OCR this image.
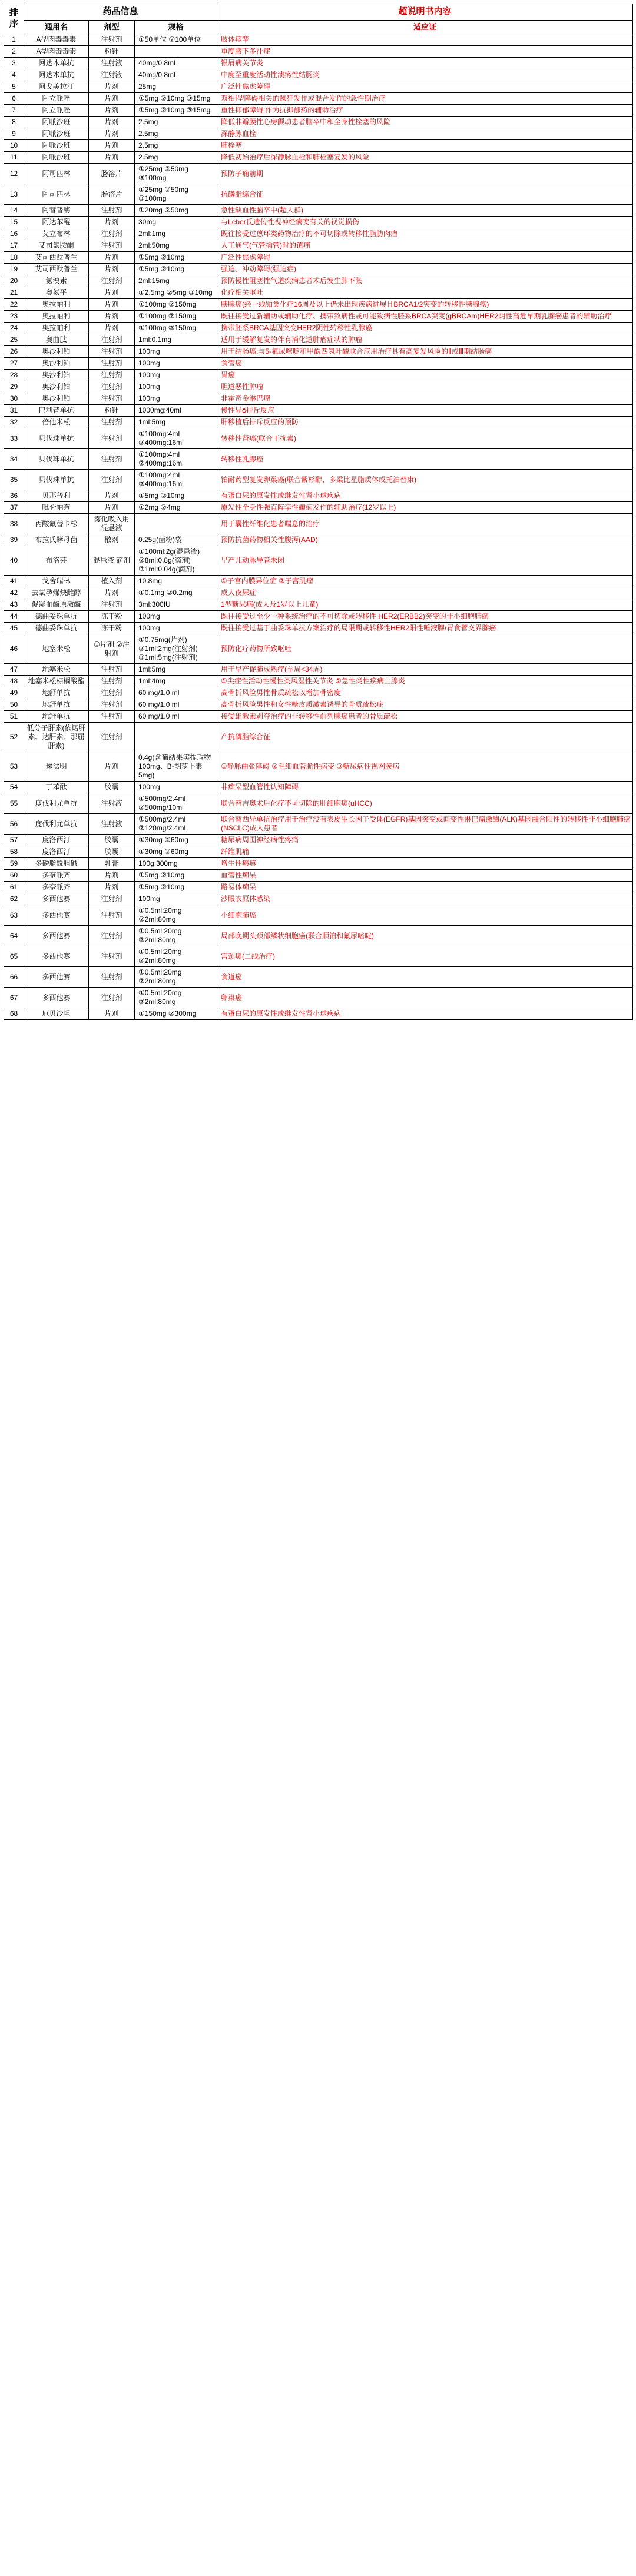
排序	药品信息			超说明书内容
	通用名	剂型	规格	适应证
1	A型肉毒毒素	注射剂	①50单位 ②100单位	肢体痉挛
2	A型肉毒毒素	粉针		重度腋下多汗症
3	阿达木单抗	注射液	40mg/0.8ml	银屑病关节炎
4	阿达木单抗	注射液	40mg/0.8ml	中度至重度活动性溃疡性结肠炎
5	阿戈美拉汀	片剂	25mg	广泛性焦虑障碍
6	阿立哌唑	片剂	①5mg ②10mg ③15mg	双相Ⅰ型障碍相关的躁狂发作或混合发作的急性期治疗
7	阿立哌唑	片剂	①5mg ②10mg ③15mg	重性抑郁障碍:作为抗抑郁药的辅助治疗
8	阿哌沙班	片剂	2.5mg	降低非瓣膜性心房颤动患者脑卒中和全身性栓塞的风险
9	阿哌沙班	片剂	2.5mg	深静脉血栓
10	阿哌沙班	片剂	2.5mg	肺栓塞
11	阿哌沙班	片剂	2.5mg	降低初始治疗后深静脉血栓和肺栓塞复发的风险
12	阿司匹林	肠溶片	①25mg ②50mg ③100mg	预防子痫前期
13	阿司匹林	肠溶片	①25mg ②50mg ③100mg	抗磷脂综合征
14	阿替普酶	注射剂	①20mg ②50mg	急性缺血性脑卒中(超人群)
15	阿达苯醌	片剂	30mg	与Leber氏遗传性视神经病变有关的视觉损伤
16	艾立布林	注射剂	2ml:1mg	既往接受过蒽环类药物治疗的不可切除或转移性脂肪肉瘤
17	艾司氯胺酮	注射剂	2ml:50mg	人工通气(气管插管)时的镇痛
18	艾司西酞普兰	片剂	①5mg ②10mg	广泛性焦虑障碍
19	艾司西酞普兰	片剂	①5mg ②10mg	强迫、冲动障碍(强迫症)
20	氨溴索	注射剂	2ml:15mg	预防慢性阻塞性气道疾病患者术后发生肺不张
21	奥氮平	片剂	①2.5mg ②5mg ③10mg	化疗相关呕吐
22	奥拉帕利	片剂	①100mg ②150mg	胰腺癌(经一线铂类化疗16周及以上仍未出现疾病进展且BRCA1/2突变的转移性胰腺癌)
23	奥拉帕利	片剂	①100mg ②150mg	既往接受过新辅助或辅助化疗、携带致病性或可能致病性胚系BRCA突变(gBRCAm)HER2阴性高危早期乳腺癌患者的辅助治疗
24	奥拉帕利	片剂	①100mg ②150mg	携带胚系BRCA基因突变HER2阴性转移性乳腺癌
25	奥曲肽	注射剂	1ml:0.1mg	适用于缓解复发的伴有消化道肿瘤症状的肿瘤
26	奥沙利铂	注射剂	100mg	用于结肠癌:与5-氟尿嘧啶和甲酰四氢叶酸联合应用治疗具有高复发风险的Ⅱ或Ⅲ期结肠癌
27	奥沙利铂	注射剂	100mg	食管癌
28	奥沙利铂	注射剂	100mg	胃癌
29	奥沙利铂	注射剂	100mg	胆道恶性肿瘤
30	奥沙利铂	注射剂	100mg	非霍奇金淋巴瘤
31	巴利昔单抗	粉针	1000mg:40ml	慢性异ర排斥反应
32	倍他米松	注射剂	1ml:5mg	肝移植后排斥反应的预防
33	贝伐珠单抗	注射剂	①100mg:4ml ②400mg:16ml	转移性肾癌(联合干扰素)
34	贝伐珠单抗	注射剂	①100mg:4ml ②400mg:16ml	转移性乳腺癌
35	贝伐珠单抗	注射剂	①100mg:4ml ②400mg:16ml	铂耐药型复发卵巢癌(联合紫杉醇、多柔比星脂质体或托泊替康)
36	贝那普利	片剂	①5mg ②10mg	有蛋白尿的原发性或继发性肾小球疾病
37	吡仑帕奈	片剂	①2mg ②4mg	原发性全身性强直阵挛性癫痫发作的辅助治疗(12岁以上)
38	丙酸氟替卡松	雾化吸入用混悬液		用于囊性纤维化患者喘息的治疗
39	布拉氏酵母菌	散剂	0.25g(菌粉)袋	预防抗菌药物相关性腹泻(AAD)
40	布洛芬	混悬液 滴剂	①100ml:2g(混悬液) ②8ml:0.8g(滴剂) ③1ml:0.04g(滴剂)	早产儿动脉导管未闭
41	戈舍瑞林	植入剂	10.8mg	①子宫内膜异位症 ②子宫肌瘤
42	去氧孕烯炔雌醇	片剂	①0.1mg ②0.2mg	成人夜尿症
43	促凝血酶原激酶	注射剂	3ml:300IU	1型糖尿病(成人及1岁以上儿童)
44	德曲妥珠单抗	冻干粉	100mg	既往接受过至少一种系统治疗的不可切除或转移性 HER2(ERBB2)突变的非小细胞肺癌
45	德曲妥珠单抗	冻干粉	100mg	既往接受过基于曲妥珠单抗方案治疗的局限期或转移性HER2阳性唾液腺/胃食管交界腺癌
46	地塞米松	①片剂 ②注射剂	①0.75mg(片剂) ②1ml:2mg(注射剂) ③1ml:5mg(注射剂)	预防化疗药物所致呕吐
47	地塞米松	注射剂	1ml:5mg	用于早产促肺成熟疗(孕周<34周)
48	地塞米松棕榈酸酯	注射剂	1ml:4mg	①尖症性活动性慢性类风湿性关节炎 ②急性炎性疾病上腺炎
49	地舒单抗	注射剂	60 mg/1.0 ml	高骨折风险男性骨质疏松以增加骨密度
50	地舒单抗	注射剂	60 mg/1.0 ml	高骨折风险男性和女性糖皮质激素诱导的骨质疏松症
51	地舒单抗	注射剂	60 mg/1.0 ml	接受雄激素剥夺治疗的非转移性前列腺癌患者的骨质疏松
52	低分子肝素(依诺肝素、达肝素、那屈肝素)	注射剂		产抗磷脂综合征
53	递法明	片剂	0.4g(含葡结果实提取物100mg、B-胡萝卜素5mg)	①静脉曲张障碍 ②毛细血管脆性病变 ③糖尿病性视网膜病
54	丁苯酞	胶囊	100mg	非痴呆型血管性认知障碍
55	度伐利尤单抗	注射液	①500mg/2.4ml ②500mg/10ml	联合替吉奥术后化疗不可切除的肝细胞癌(uHCC)
56	度伐利尤单抗	注射液	①500mg/2.4ml ②120mg/2.4ml	联合替西异单抗治疗用于治疗没有表皮生长因子受体(EGFR)基因突变或间变性淋巴瘤激酶(ALK)基因融合阳性的转移性非小细胞肺癌(NSCLC)成人患者
57	度洛西汀	胶囊	①30mg ②60mg	糖尿病周围神经病性疼痛
58	度洛西汀	胶囊	①30mg ②60mg	纤维肌痛
59	多磷脂酰胆碱	乳膏	100g:300mg	增生性瘢痕
60	多奈哌齐	片剂	①5mg ②10mg	血管性痴呆
61	多奈哌齐	片剂	①5mg ②10mg	路易体痴呆
62	多西他赛	注射剂	100mg	沙眼衣原体感染
63	多西他赛	注射剂	①0.5ml:20mg ②2ml:80mg	小细胞肺癌
64	多西他赛	注射剂	①0.5ml:20mg ②2ml:80mg	局部晚期头颈部鳞状细胞癌(联合顺铂和氟尿嘧啶)
65	多西他赛	注射剂	①0.5ml:20mg ②2ml:80mg	宫颈癌(二线治疗)
66	多西他赛	注射剂	①0.5ml:20mg ②2ml:80mg	食道癌
67	多西他赛	注射剂	①0.5ml:20mg ②2ml:80mg	卵巢癌
68	厄贝沙坦	片剂	①150mg ②300mg	有蛋白尿的原发性或继发性肾小球疾病
